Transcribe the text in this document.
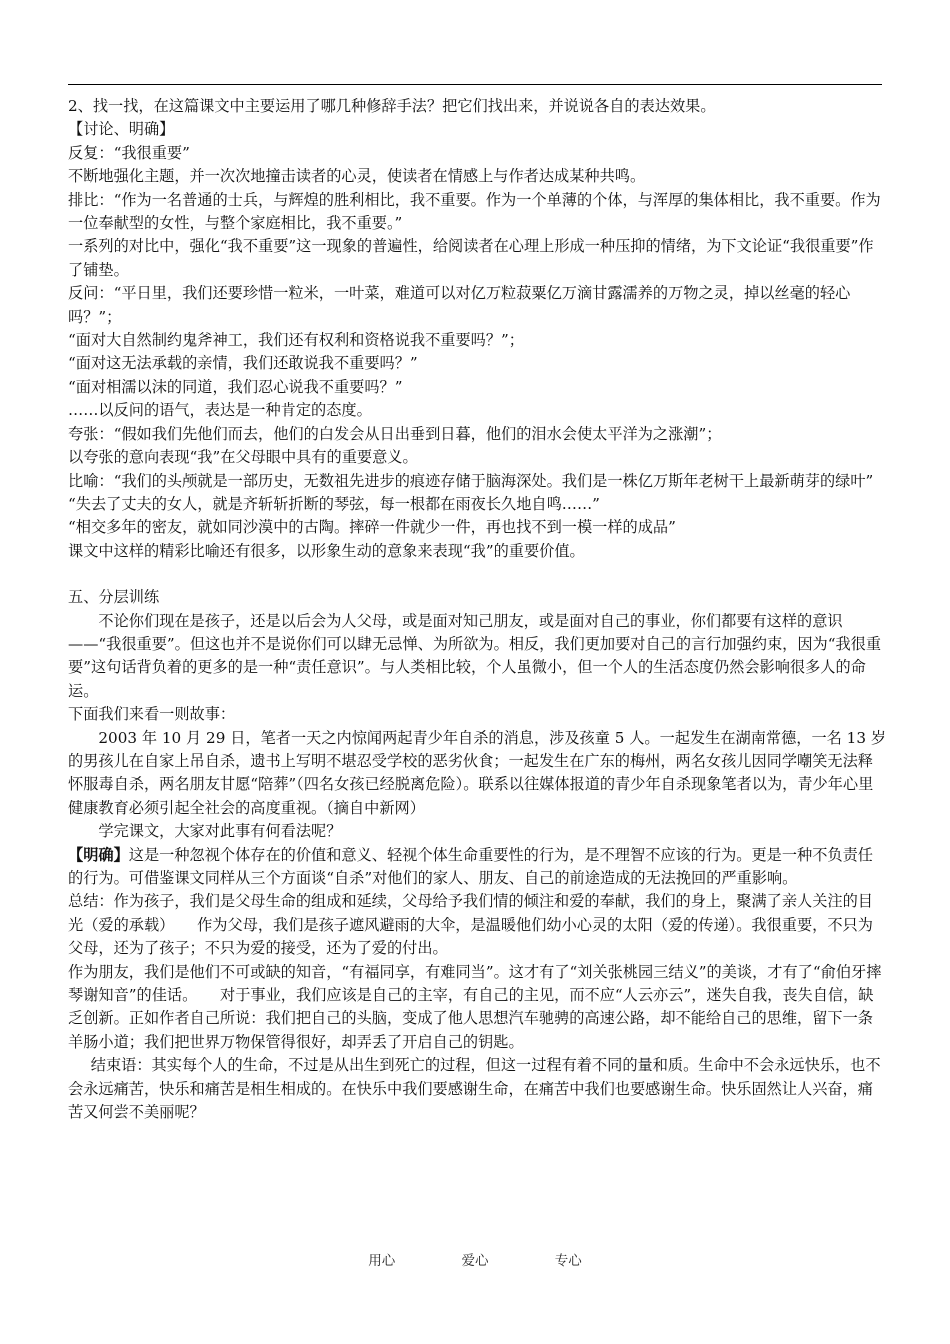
2、找一找，在这篇课文中主要运用了哪几种修辞手法？把它们找出来，并说说各自的表达效果。

【讨论、明确】

反复：“我很重要”

不断地强化主题，并一次次地撞击读者的心灵，使读者在情感上与作者达成某种共鸣。

排比：“作为一名普通的士兵，与辉煌的胜利相比，我不重要。作为一个单薄的个体，与浑厚的集体相比，我不重要。作为一位奉献型的女性，与整个家庭相比，我不重要。”

一系列的对比中，强化“我不重要”这一现象的普遍性，给阅读者在心理上形成一种压抑的情绪，为下文论证“我很重要”作了铺垫。

反问：“平日里，我们还要珍惜一粒米，一叶菜，难道可以对亿万粒菽粟亿万滴甘露濡养的万物之灵，掉以丝毫的轻心吗？”；

“面对大自然制约鬼斧神工，我们还有权利和资格说我不重要吗？”；

“面对这无法承载的亲情，我们还敢说我不重要吗？”

“面对相濡以沫的同道，我们忍心说我不重要吗？”

……以反问的语气，表达是一种肯定的态度。

夸张：“假如我们先他们而去，他们的白发会从日出垂到日暮，他们的泪水会使太平洋为之涨潮”；

以夸张的意向表现“我”在父母眼中具有的重要意义。

比喻：“我们的头颅就是一部历史，无数祖先进步的痕迹存储于脑海深处。我们是一株亿万斯年老树干上最新萌芽的绿叶”

“失去了丈夫的女人，就是齐斩斩折断的琴弦，每一根都在雨夜长久地自鸣……”

“相交多年的密友，就如同沙漠中的古陶。摔碎一件就少一件，再也找不到一模一样的成品”

课文中这样的精彩比喻还有很多，以形象生动的意象来表现“我”的重要价值。

五、分层训练

不论你们现在是孩子，还是以后会为人父母，或是面对知己朋友，或是面对自己的事业，你们都要有这样的意识——“我很重要”。但这也并不是说你们可以肆无忌惮、为所欲为。相反，我们更加要对自己的言行加强约束，因为“我很重要”这句话背负着的更多的是一种“责任意识”。与人类相比较，个人虽微小，但一个人的生活态度仍然会影响很多人的命运。

下面我们来看一则故事：

2003 年 10 月 29 日，笔者一天之内惊闻两起青少年自杀的消息，涉及孩童 5 人。一起发生在湖南常德，一名 13 岁的男孩儿在自家上吊自杀，遗书上写明不堪忍受学校的恶劣伙食；一起发生在广东的梅州，两名女孩儿因同学嘲笑无法释怀服毒自杀，两名朋友甘愿“陪葬”（四名女孩已经脱离危险）。联系以往媒体报道的青少年自杀现象笔者以为，青少年心里健康教育必须引起全社会的高度重视。（摘自中新网）

学完课文，大家对此事有何看法呢？

【明确】这是一种忽视个体存在的价值和意义、轻视个体生命重要性的行为，是不理智不应该的行为。更是一种不负责任的行为。可借鉴课文同样从三个方面谈“自杀”对他们的家人、朋友、自己的前途造成的无法挽回的严重影响。

总结：作为孩子，我们是父母生命的组成和延续，父母给予我们情的倾注和爱的奉献，我们的身上，聚满了亲人关注的目光（爱的承载）　　作为父母，我们是孩子遮风避雨的大伞，是温暖他们幼小心灵的太阳（爱的传递）。我很重要，不只为父母，还为了孩子；不只为爱的接受，还为了爱的付出。

作为朋友，我们是他们不可或缺的知音，“有福同享，有难同当”。这才有了“刘关张桃园三结义”的美谈，才有了“俞伯牙摔琴谢知音”的佳话。　　对于事业，我们应该是自己的主宰，有自己的主见，而不应“人云亦云”，迷失自我，丧失自信，缺乏创新。正如作者自己所说：我们把自己的头脑，变成了他人思想汽车驰骋的高速公路，却不能给自己的思维，留下一条羊肠小道；我们把世界万物保管得很好，却弄丢了开启自己的钥匙。

结束语：其实每个人的生命，不过是从出生到死亡的过程，但这一过程有着不同的量和质。生命中不会永远快乐，也不会永远痛苦，快乐和痛苦是相生相成的。在快乐中我们要感谢生命，在痛苦中我们也要感谢生命。快乐固然让人兴奋，痛苦又何尝不美丽呢？

用心	爱心	专心
